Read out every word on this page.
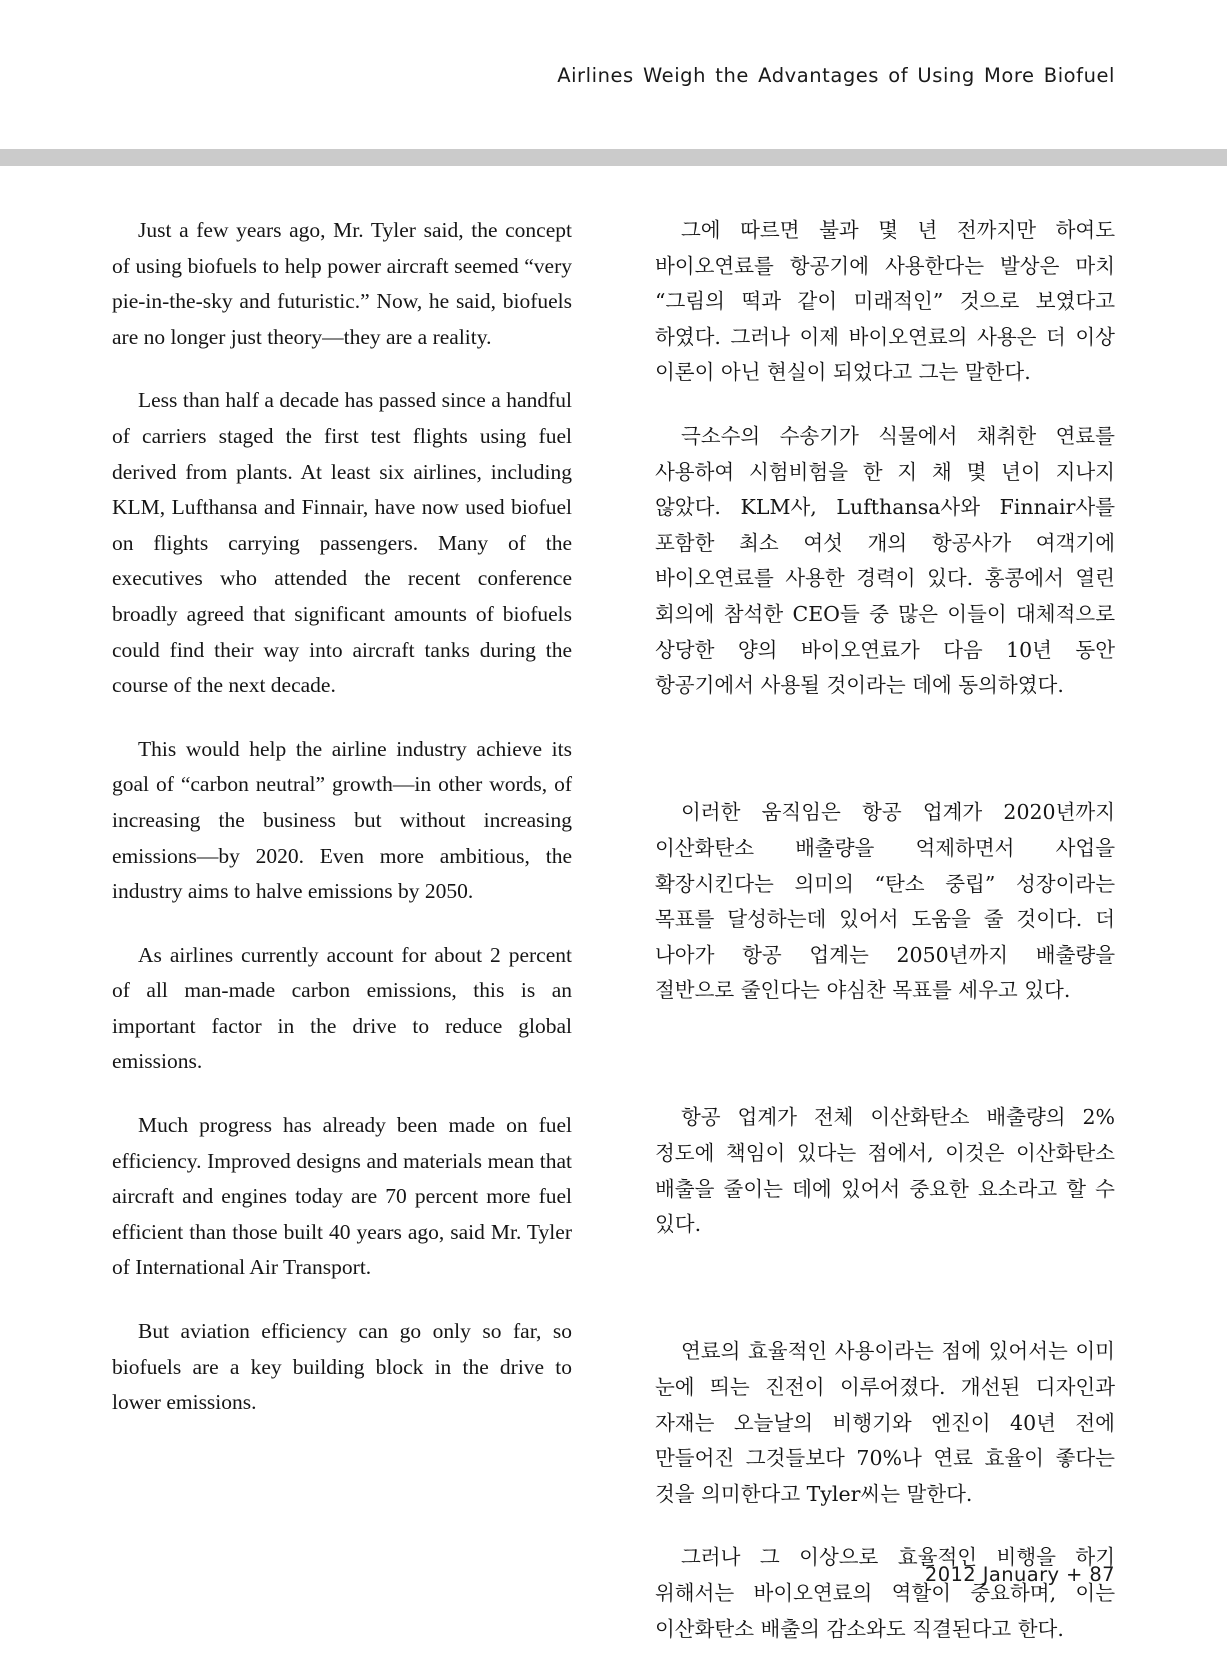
Airlines Weigh the Advantages of Using More Biofuel

Just a few years ago, Mr. Tyler said, the concept of using biofuels to help power aircraft seemed “very pie-in-the-sky and futuristic.” Now, he said, biofuels are no longer just theory—they are a reality.

Less than half a decade has passed since a handful of carriers staged the first test flights using fuel derived from plants. At least six airlines, including KLM, Lufthansa and Finnair, have now used biofuel on flights carrying passengers. Many of the executives who attended the recent conference broadly agreed that significant amounts of biofuels could find their way into aircraft tanks during the course of the next decade.

This would help the airline industry achieve its goal of “carbon neutral” growth—in other words, of increasing the business but without increasing emissions—by 2020. Even more ambitious, the industry aims to halve emissions by 2050.

As airlines currently account for about 2 percent of all man-made carbon emissions, this is an important factor in the drive to reduce global emissions.

Much progress has already been made on fuel efficiency. Improved designs and materials mean that aircraft and engines today are 70 percent more fuel efficient than those built 40 years ago, said Mr. Tyler of International Air Transport.

But aviation efficiency can go only so far, so biofuels are a key building block in the drive to lower emissions.

그에 따르면 불과 몇 년 전까지만 하여도 바이오연료를 항공기에 사용한다는 발상은 마치 “그림의 떡과 같이 미래적인” 것으로 보였다고 하였다. 그러나 이제 바이오연료의 사용은 더 이상 이론이 아닌 현실이 되었다고 그는 말한다.

극소수의 수송기가 식물에서 채취한 연료를 사용하여 시험비험을 한 지 채 몇 년이 지나지 않았다. KLM사, Lufthansa사와 Finnair사를 포함한 최소 여섯 개의 항공사가 여객기에 바이오연료를 사용한 경력이 있다. 홍콩에서 열린 회의에 참석한 CEO들 중 많은 이들이 대체적으로 상당한 양의 바이오연료가 다음 10년 동안 항공기에서 사용될 것이라는 데에 동의하였다.

이러한 움직임은 항공 업계가 2020년까지 이산화탄소 배출량을 억제하면서 사업을 확장시킨다는 의미의 “탄소 중립” 성장이라는 목표를 달성하는데 있어서 도움을 줄 것이다. 더 나아가 항공 업계는 2050년까지 배출량을 절반으로 줄인다는 야심찬 목표를 세우고 있다.

항공 업계가 전체 이산화탄소 배출량의 2% 정도에 책임이 있다는 점에서, 이것은 이산화탄소 배출을 줄이는 데에 있어서 중요한 요소라고 할 수 있다.

연료의 효율적인 사용이라는 점에 있어서는 이미 눈에 띄는 진전이 이루어졌다. 개선된 디자인과 자재는 오늘날의 비행기와 엔진이 40년 전에 만들어진 그것들보다 70%나 연료 효율이 좋다는 것을 의미한다고 Tyler씨는 말한다.

그러나 그 이상으로 효율적인 비행을 하기 위해서는 바이오연료의 역할이 중요하며, 이는 이산화탄소 배출의 감소와도 직결된다고 한다.

2012 January + 87
